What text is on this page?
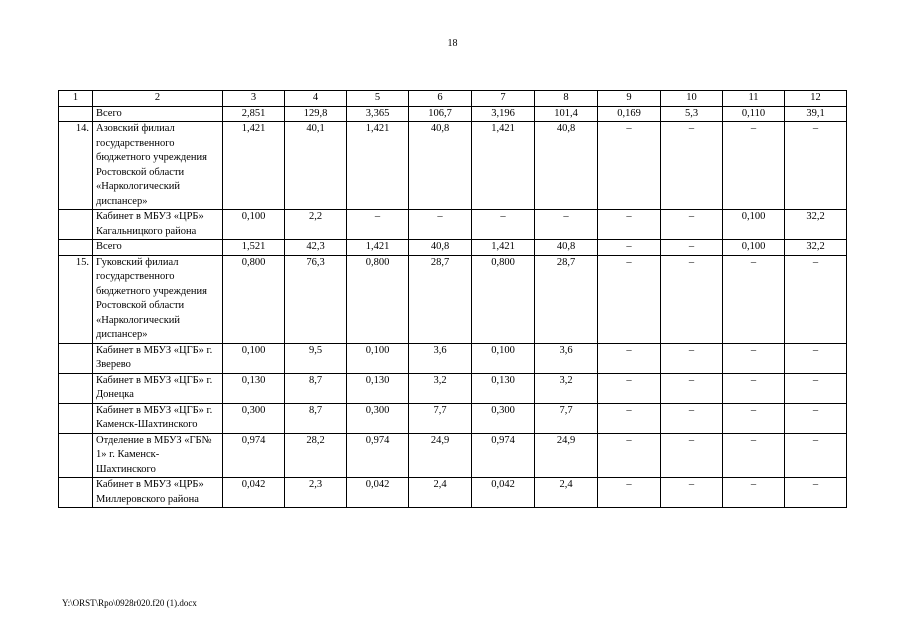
18
1	2	3	4	5	6	7	8	9	10	11	12
	Всего	2,851	129,8	3,365	106,7	3,196	101,4	0,169	5,3	0,110	39,1
14.	Азовский филиал государственного бюджетного учреждения Ростовской области «Наркологический диспансер»	1,421	40,1	1,421	40,8	1,421	40,8	–	–	–	–
	Кабинет в МБУЗ «ЦРБ» Кагальницкого района	0,100	2,2	–	–	–	–	–	–	0,100	32,2
	Всего	1,521	42,3	1,421	40,8	1,421	40,8	–	–	0,100	32,2
15.	Гуковский филиал государственного бюджетного учреждения Ростовской области «Наркологический диспансер»	0,800	76,3	0,800	28,7	0,800	28,7	–	–	–	–
	Кабинет в МБУЗ «ЦГБ» г. Зверево	0,100	9,5	0,100	3,6	0,100	3,6	–	–	–	–
	Кабинет в МБУЗ «ЦГБ» г. Донецка	0,130	8,7	0,130	3,2	0,130	3,2	–	–	–	–
	Кабинет в МБУЗ «ЦГБ» г. Каменск-Шахтинского	0,300	8,7	0,300	7,7	0,300	7,7	–	–	–	–
	Отделение в МБУЗ «ГБ№ 1» г. Каменск-Шахтинского	0,974	28,2	0,974	24,9	0,974	24,9	–	–	–	–
	Кабинет в МБУЗ «ЦРБ» Миллеровского района	0,042	2,3	0,042	2,4	0,042	2,4	–	–	–	–
Y:\ORST\Rpo\0928r020.f20 (1).docx
